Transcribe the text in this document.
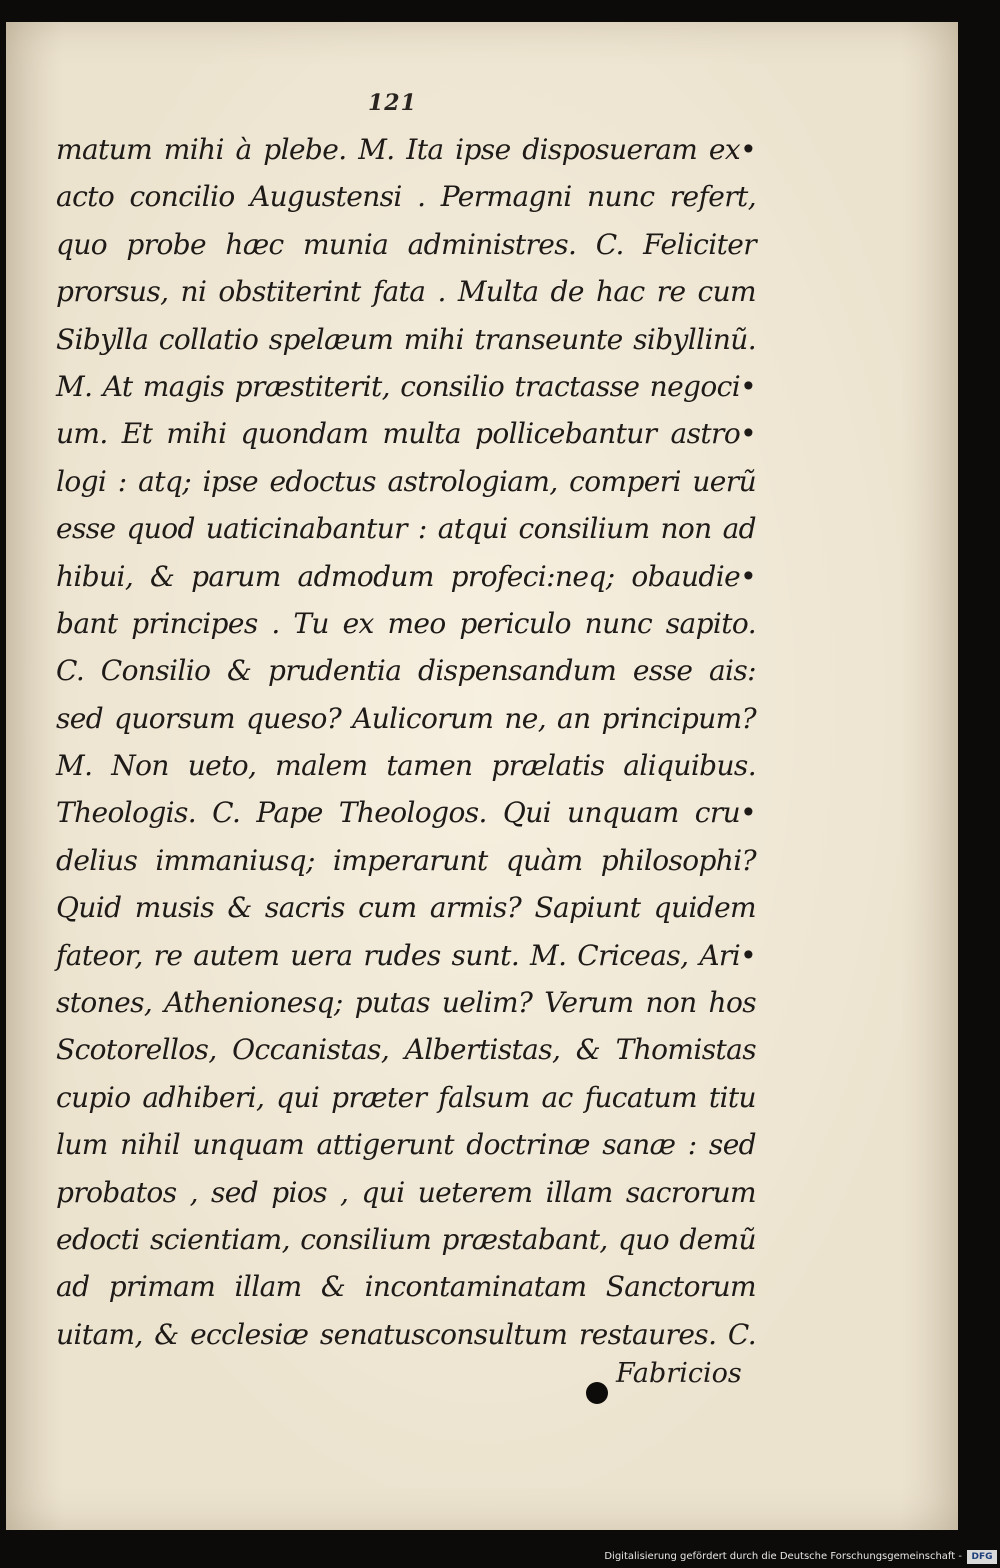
121
matum mihi à plebe. M. Ita ipse disposueram ex•
acto concilio Augustensi . Permagni nunc refert,
quo probe hæc munia administres. C. Feliciter
prorsus, ni obstiterint fata . Multa de hac re cum
Sibylla collatio spelæum mihi transeunte sibyllinũ.
M. At magis præstiterit, consilio tractasse negoci•
um. Et mihi quondam multa pollicebantur astro•
logi : atq; ipse edoctus astrologiam, comperi uerũ
esse quod uaticinabantur : atqui consilium non ad
hibui, & parum admodum profeci:neq; obaudie•
bant principes . Tu ex meo periculo nunc sapito.
C. Consilio & prudentia dispensandum esse ais:
sed quorsum queso? Aulicorum ne, an principum?
M. Non ueto, malem tamen prælatis aliquibus.
Theologis. C. Pape Theologos. Qui unquam cru•
delius immaniusq; imperarunt quàm philosophi?
Quid musis & sacris cum armis? Sapiunt quidem
fateor, re autem uera rudes sunt. M. Criceas, Ari•
stones, Athenionesq; putas uelim? Verum non hos
Scotorellos, Occanistas, Albertistas, & Thomistas
cupio adhiberi, qui præter falsum ac fucatum titu
lum nihil unquam attigerunt doctrinæ sanæ : sed
probatos , sed pios , qui ueterem illam sacrorum
edocti scientiam, consilium præstabant, quo demũ
ad primam illam & incontaminatam Sanctorum
uitam, & ecclesiæ senatusconsultum restaures. C.
Fabricios
Digitalisierung gefördert durch die Deutsche Forschungsgemeinschaft -	DFG
